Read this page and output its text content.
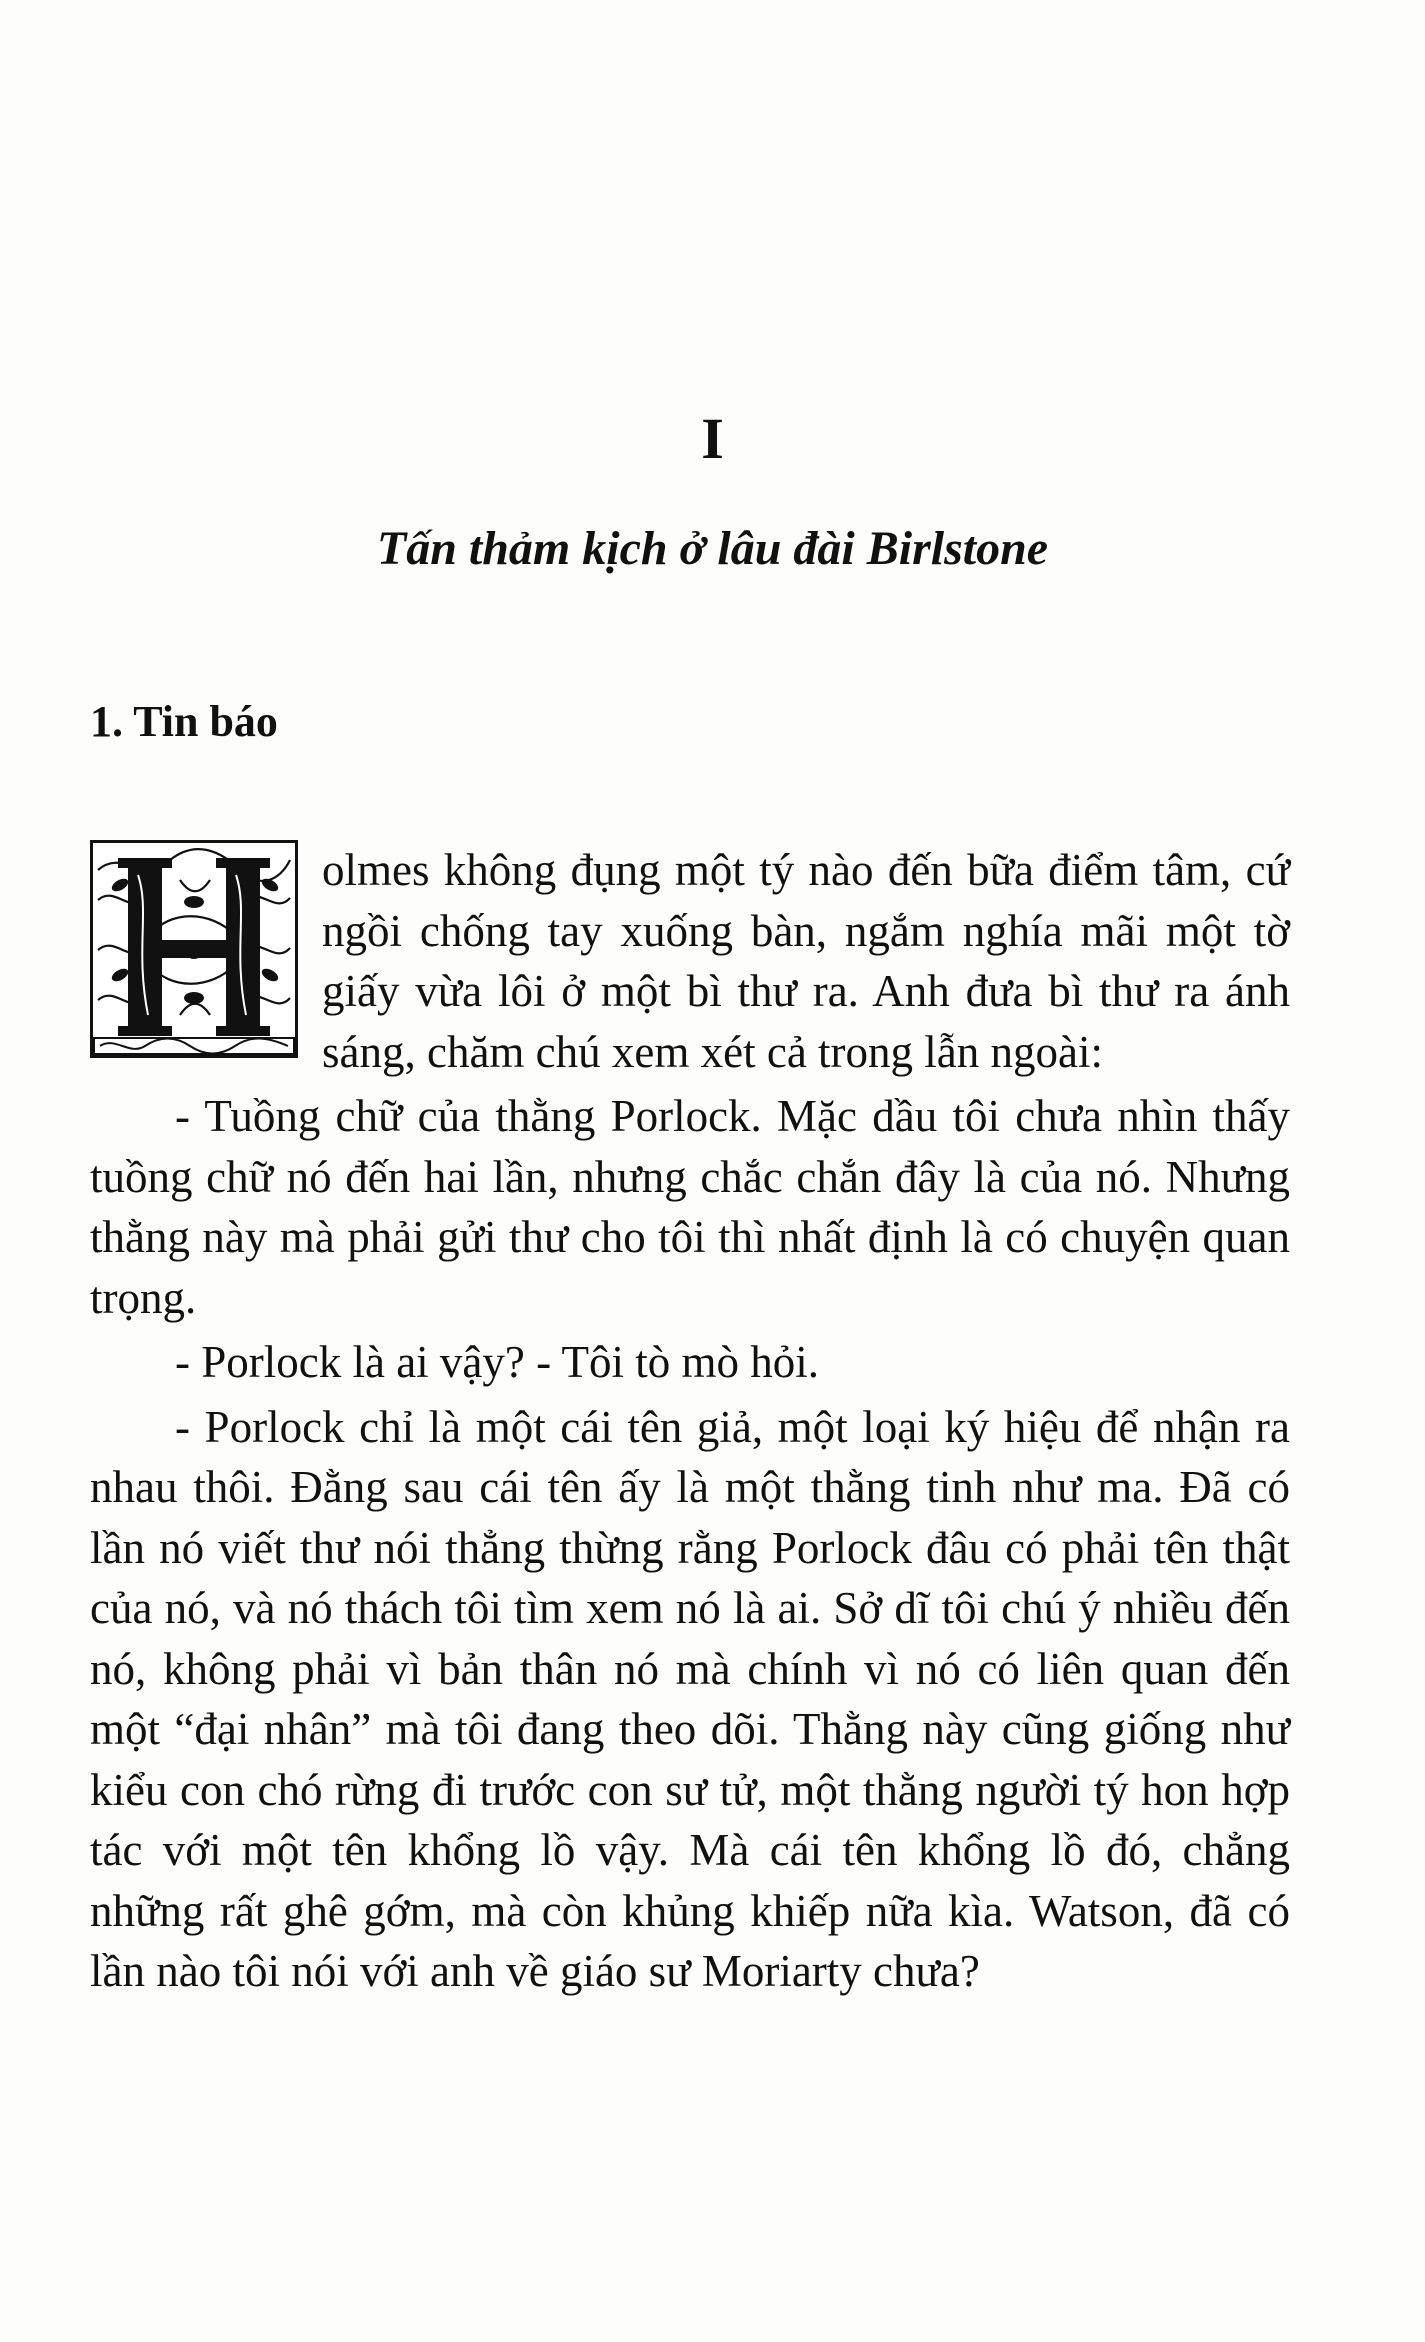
I
Tấn thảm kịch ở lâu đài Birlstone
1. Tin báo

olmes không đụng một tý nào đến bữa điểm tâm, cứ ngồi chống tay xuống bàn, ngắm nghía mãi một tờ giấy vừa lôi ở một bì thư ra. Anh đưa bì thư ra ánh sáng, chăm chú xem xét cả trong lẫn ngoài:

- Tuồng chữ của thằng Porlock. Mặc dầu tôi chưa nhìn thấy tuồng chữ nó đến hai lần, nhưng chắc chắn đây là của nó. Nhưng thằng này mà phải gửi thư cho tôi thì nhất định là có chuyện quan trọng.

- Porlock là ai vậy? - Tôi tò mò hỏi.

- Porlock chỉ là một cái tên giả, một loại ký hiệu để nhận ra nhau thôi. Đằng sau cái tên ấy là một thằng tinh như ma. Đã có lần nó viết thư nói thẳng thừng rằng Porlock đâu có phải tên thật của nó, và nó thách tôi tìm xem nó là ai. Sở dĩ tôi chú ý nhiều đến nó, không phải vì bản thân nó mà chính vì nó có liên quan đến một “đại nhân” mà tôi đang theo dõi. Thằng này cũng giống như kiểu con chó rừng đi trước con sư tử, một thằng người tý hon hợp tác với một tên khổng lồ vậy. Mà cái tên khổng lồ đó, chẳng những rất ghê gớm, mà còn khủng khiếp nữa kìa. Watson, đã có lần nào tôi nói với anh về giáo sư Moriarty chưa?
